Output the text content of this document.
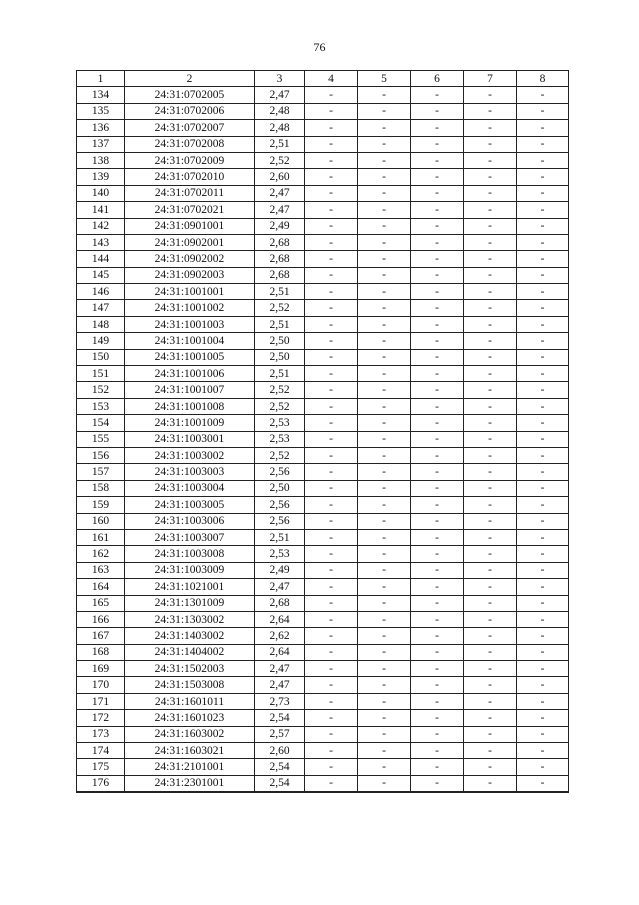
76
1	2	3	4	5	6	7	8
134	24:31:0702005	2,47	-	-	-	-	-
135	24:31:0702006	2,48	-	-	-	-	-
136	24:31:0702007	2,48	-	-	-	-	-
137	24:31:0702008	2,51	-	-	-	-	-
138	24:31:0702009	2,52	-	-	-	-	-
139	24:31:0702010	2,60	-	-	-	-	-
140	24:31:0702011	2,47	-	-	-	-	-
141	24:31:0702021	2,47	-	-	-	-	-
142	24:31:0901001	2,49	-	-	-	-	-
143	24:31:0902001	2,68	-	-	-	-	-
144	24:31:0902002	2,68	-	-	-	-	-
145	24:31:0902003	2,68	-	-	-	-	-
146	24:31:1001001	2,51	-	-	-	-	-
147	24:31:1001002	2,52	-	-	-	-	-
148	24:31:1001003	2,51	-	-	-	-	-
149	24:31:1001004	2,50	-	-	-	-	-
150	24:31:1001005	2,50	-	-	-	-	-
151	24:31:1001006	2,51	-	-	-	-	-
152	24:31:1001007	2,52	-	-	-	-	-
153	24:31:1001008	2,52	-	-	-	-	-
154	24:31:1001009	2,53	-	-	-	-	-
155	24:31:1003001	2,53	-	-	-	-	-
156	24:31:1003002	2,52	-	-	-	-	-
157	24:31:1003003	2,56	-	-	-	-	-
158	24:31:1003004	2,50	-	-	-	-	-
159	24:31:1003005	2,56	-	-	-	-	-
160	24:31:1003006	2,56	-	-	-	-	-
161	24:31:1003007	2,51	-	-	-	-	-
162	24:31:1003008	2,53	-	-	-	-	-
163	24:31:1003009	2,49	-	-	-	-	-
164	24:31:1021001	2,47	-	-	-	-	-
165	24:31:1301009	2,68	-	-	-	-	-
166	24:31:1303002	2,64	-	-	-	-	-
167	24:31:1403002	2,62	-	-	-	-	-
168	24:31:1404002	2,64	-	-	-	-	-
169	24:31:1502003	2,47	-	-	-	-	-
170	24:31:1503008	2,47	-	-	-	-	-
171	24:31:1601011	2,73	-	-	-	-	-
172	24:31:1601023	2,54	-	-	-	-	-
173	24:31:1603002	2,57	-	-	-	-	-
174	24:31:1603021	2,60	-	-	-	-	-
175	24:31:2101001	2,54	-	-	-	-	-
176	24:31:2301001	2,54	-	-	-	-	-
